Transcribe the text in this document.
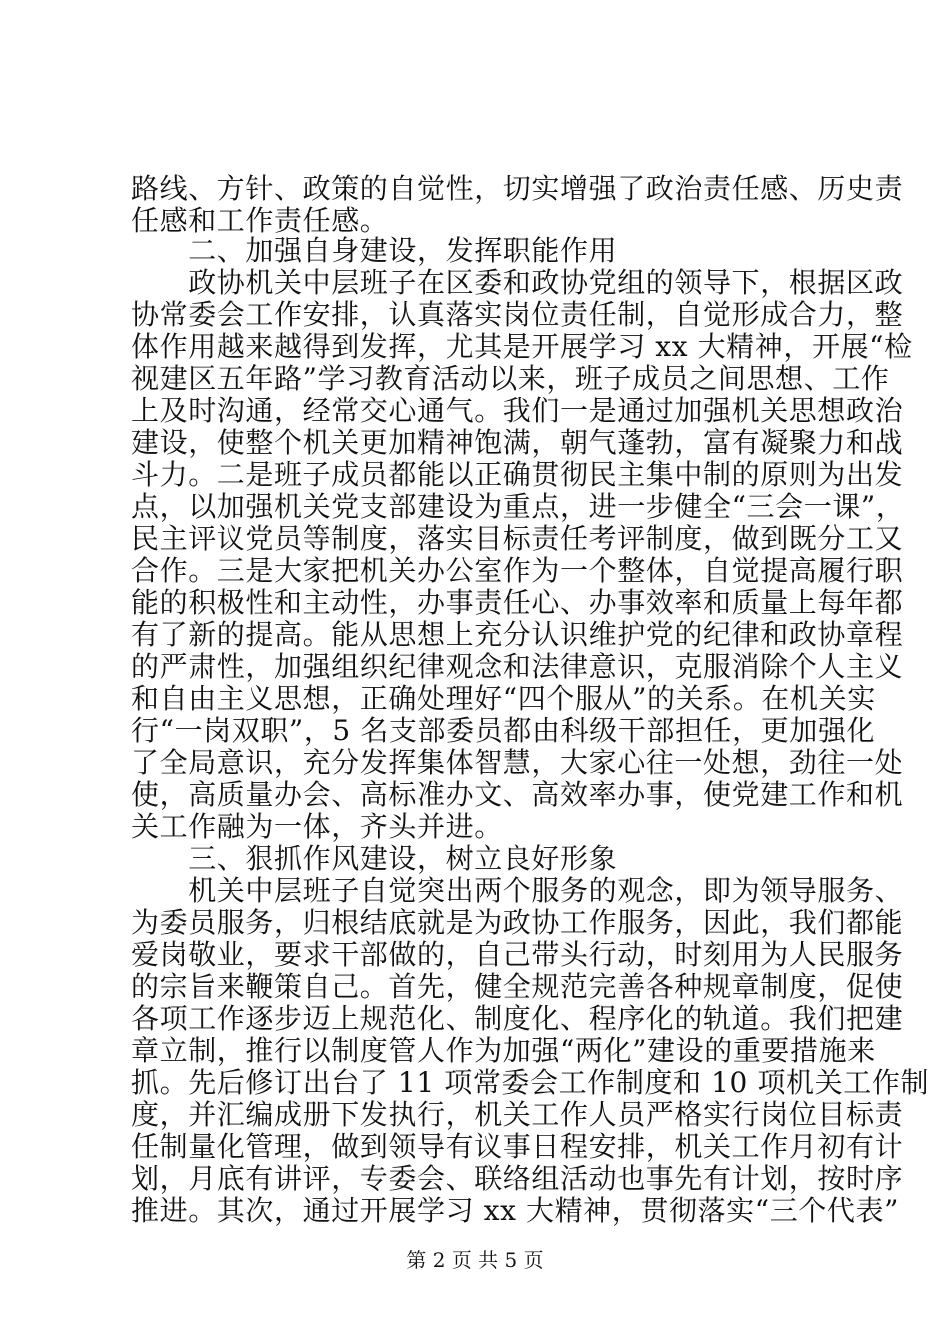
路线、方针、政策的自觉性，切实增强了政治责任感、历史责
任感和工作责任感。
　　二、加强自身建设，发挥职能作用
　　政协机关中层班子在区委和政协党组的领导下，根据区政
协常委会工作安排，认真落实岗位责任制，自觉形成合力，整
体作用越来越得到发挥，尤其是开展学习 xx 大精神，开展“检
视建区五年路”学习教育活动以来，班子成员之间思想、工作
上及时沟通，经常交心通气。我们一是通过加强机关思想政治
建设，使整个机关更加精神饱满，朝气蓬勃，富有凝聚力和战
斗力。二是班子成员都能以正确贯彻民主集中制的原则为出发
点，以加强机关党支部建设为重点，进一步健全“三会一课”，
民主评议党员等制度，落实目标责任考评制度，做到既分工又
合作。三是大家把机关办公室作为一个整体，自觉提高履行职
能的积极性和主动性，办事责任心、办事效率和质量上每年都
有了新的提高。能从思想上充分认识维护党的纪律和政协章程
的严肃性，加强组织纪律观念和法律意识，克服消除个人主义
和自由主义思想，正确处理好“四个服从”的关系。在机关实
行“一岗双职”，5 名支部委员都由科级干部担任，更加强化
了全局意识，充分发挥集体智慧，大家心往一处想，劲往一处
使，高质量办会、高标准办文、高效率办事，使党建工作和机
关工作融为一体，齐头并进。
　　三、狠抓作风建设，树立良好形象
　　机关中层班子自觉突出两个服务的观念，即为领导服务、
为委员服务，归根结底就是为政协工作服务，因此，我们都能
爱岗敬业，要求干部做的，自己带头行动，时刻用为人民服务
的宗旨来鞭策自己。首先，健全规范完善各种规章制度，促使
各项工作逐步迈上规范化、制度化、程序化的轨道。我们把建
章立制，推行以制度管人作为加强“两化”建设的重要措施来
抓。先后修订出台了 11 项常委会工作制度和 10 项机关工作制
度，并汇编成册下发执行，机关工作人员严格实行岗位目标责
任制量化管理，做到领导有议事日程安排，机关工作月初有计
划，月底有讲评，专委会、联络组活动也事先有计划，按时序
推进。其次，通过开展学习 xx 大精神，贯彻落实“三个代表”
第 2 页 共 5 页
